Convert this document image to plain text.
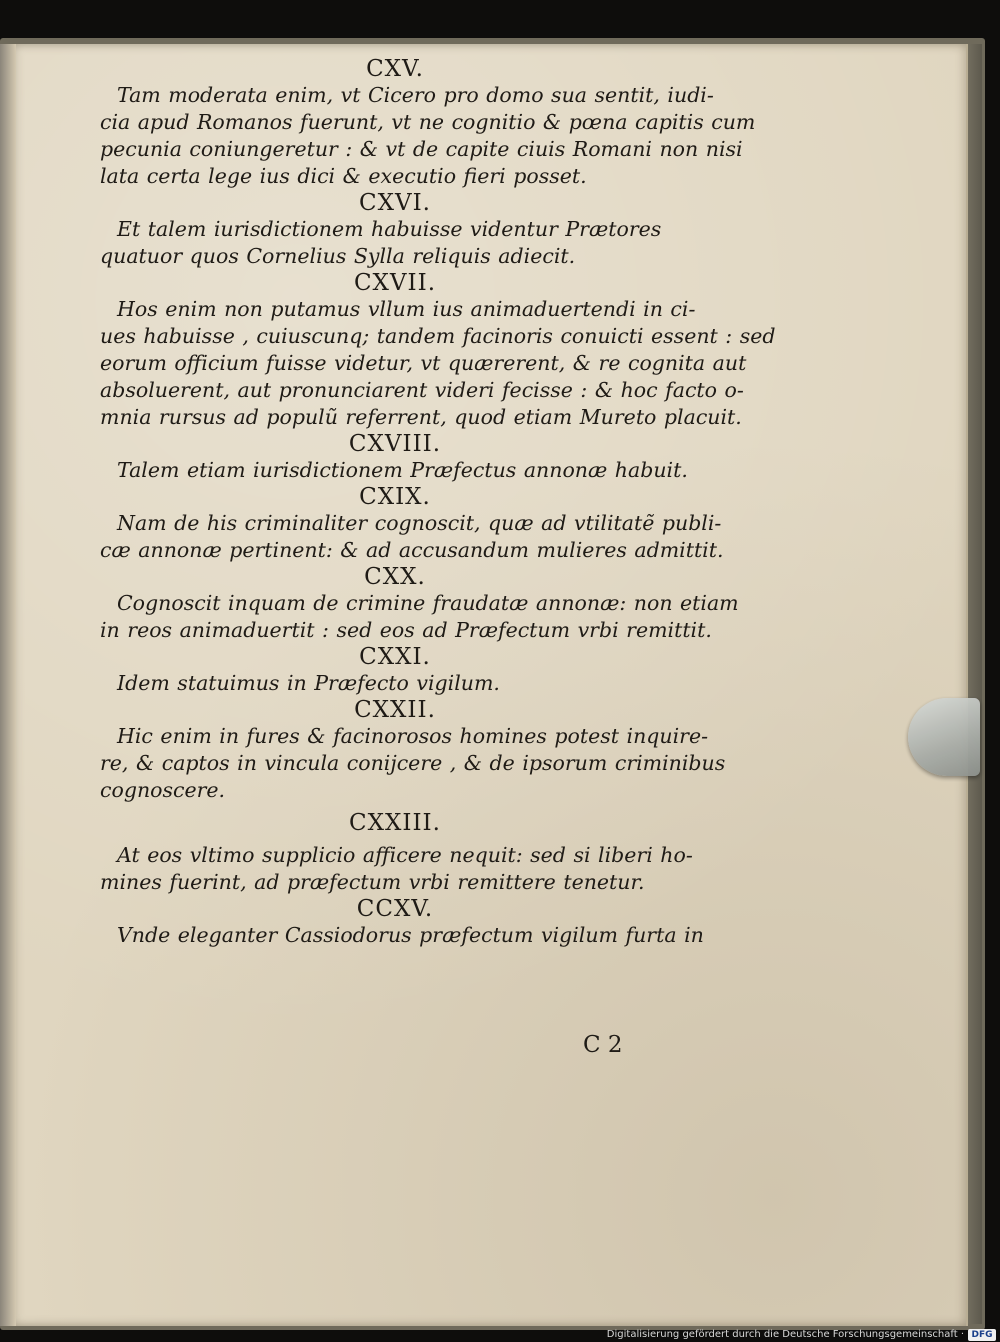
CXV.
Tam moderata enim, vt Cicero pro domo sua sentit, iudi-
cia apud Romanos fuerunt, vt ne cognitio & pœna capitis cum
pecunia coniungeretur : & vt de capite ciuis Romani non nisi
lata certa lege ius dici & executio fieri posset.
CXVI.
Et talem iurisdictionem habuisse videntur Prætores
quatuor quos Cornelius Sylla reliquis adiecit.
CXVII.
Hos enim non putamus vllum ius animaduertendi in ci-
ues habuisse , cuiuscunq; tandem facinoris conuicti essent : sed
eorum officium fuisse videtur, vt quærerent, & re cognita aut
absoluerent, aut pronunciarent videri fecisse : & hoc facto o-
mnia rursus ad populũ referrent, quod etiam Mureto placuit.
CXVIII.
Talem etiam iurisdictionem Præfectus annonæ habuit.
CXIX.
Nam de his criminaliter cognoscit, quæ ad vtilitatẽ publi-
cæ annonæ pertinent: & ad accusandum mulieres admittit.
CXX.
Cognoscit inquam de crimine fraudatæ annonæ: non etiam
in reos animaduertit : sed eos ad Præfectum vrbi remittit.
CXXI.
Idem statuimus in Præfecto vigilum.
CXXII.
Hic enim in fures & facinorosos homines potest inquire-
re, & captos in vincula conijcere , & de ipsorum criminibus
cognoscere.
CXXIII.
At eos vltimo supplicio afficere nequit: sed si liberi ho-
mines fuerint, ad præfectum vrbi remittere tenetur.
CCXV.
Vnde eleganter Cassiodorus præfectum vigilum furta in
C 2
Digitalisierung gefördert durch die Deutsche Forschungsgemeinschaft · DFG
